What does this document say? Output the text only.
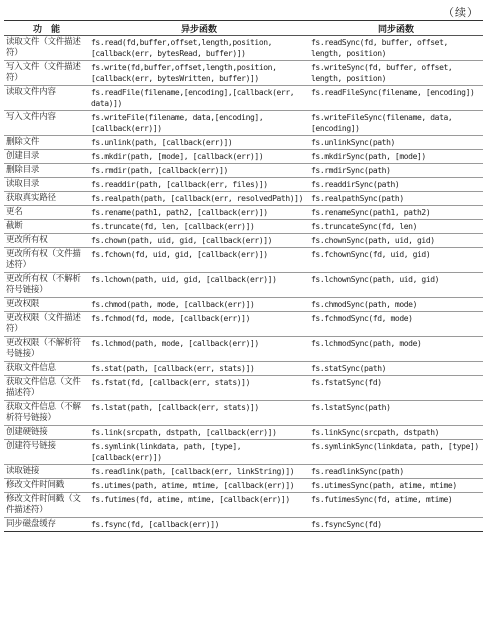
（续）
功　能	异步函数	同步函数
读取文件（文件描述符）	fs.read(fd,buffer,offset,length,position,[callback(err, bytesRead, buffer)])	fs.readSync(fd, buffer, offset, length, position)
写入文件（文件描述符）	fs.write(fd,buffer,offset,length,position,[callback(err, bytesWritten, buffer)])	fs.writeSync(fd, buffer, offset, length, position)
读取文件内容	fs.readFile(filename,[encoding],[callback(err, data)])	fs.readFileSync(filename, [encoding])
写入文件内容	fs.writeFile(filename, data,[encoding],[callback(err)])	fs.writeFileSync(filename, data, [encoding])
删除文件	fs.unlink(path, [callback(err)])	fs.unlinkSync(path)
创建目录	fs.mkdir(path, [mode], [callback(err)])	fs.mkdirSync(path, [mode])
删除目录	fs.rmdir(path, [callback(err)])	fs.rmdirSync(path)
读取目录	fs.readdir(path, [callback(err, files)])	fs.readdirSync(path)
获取真实路径	fs.realpath(path, [callback(err, resolvedPath)])	fs.realpathSync(path)
更名	fs.rename(path1, path2, [callback(err)])	fs.renameSync(path1, path2)
截断	fs.truncate(fd, len, [callback(err)])	fs.truncateSync(fd, len)
更改所有权	fs.chown(path, uid, gid, [callback(err)])	fs.chownSync(path, uid, gid)
更改所有权（文件描述符）	fs.fchown(fd, uid, gid, [callback(err)])	fs.fchownSync(fd, uid, gid)
更改所有权（不解析符号链接）	fs.lchown(path, uid, gid, [callback(err)])	fs.lchownSync(path, uid, gid)
更改权限	fs.chmod(path, mode, [callback(err)])	fs.chmodSync(path, mode)
更改权限（文件描述符）	fs.fchmod(fd, mode, [callback(err)])	fs.fchmodSync(fd, mode)
更改权限（不解析符号链接）	fs.lchmod(path, mode, [callback(err)])	fs.lchmodSync(path, mode)
获取文件信息	fs.stat(path, [callback(err, stats)])	fs.statSync(path)
获取文件信息（文件描述符）	fs.fstat(fd, [callback(err, stats)])	fs.fstatSync(fd)
获取文件信息（不解析符号链接）	fs.lstat(path, [callback(err, stats)])	fs.lstatSync(path)
创建硬链接	fs.link(srcpath, dstpath, [callback(err)])	fs.linkSync(srcpath, dstpath)
创建符号链接	fs.symlink(linkdata, path, [type], [callback(err)])	fs.symlinkSync(linkdata, path, [type])
读取链接	fs.readlink(path, [callback(err, linkString)])	fs.readlinkSync(path)
修改文件时间戳	fs.utimes(path, atime, mtime, [callback(err)])	fs.utimesSync(path, atime, mtime)
修改文件时间戳（文件描述符）	fs.futimes(fd, atime, mtime, [callback(err)])	fs.futimesSync(fd, atime, mtime)
同步磁盘缓存	fs.fsync(fd, [callback(err)])	fs.fsyncSync(fd)
